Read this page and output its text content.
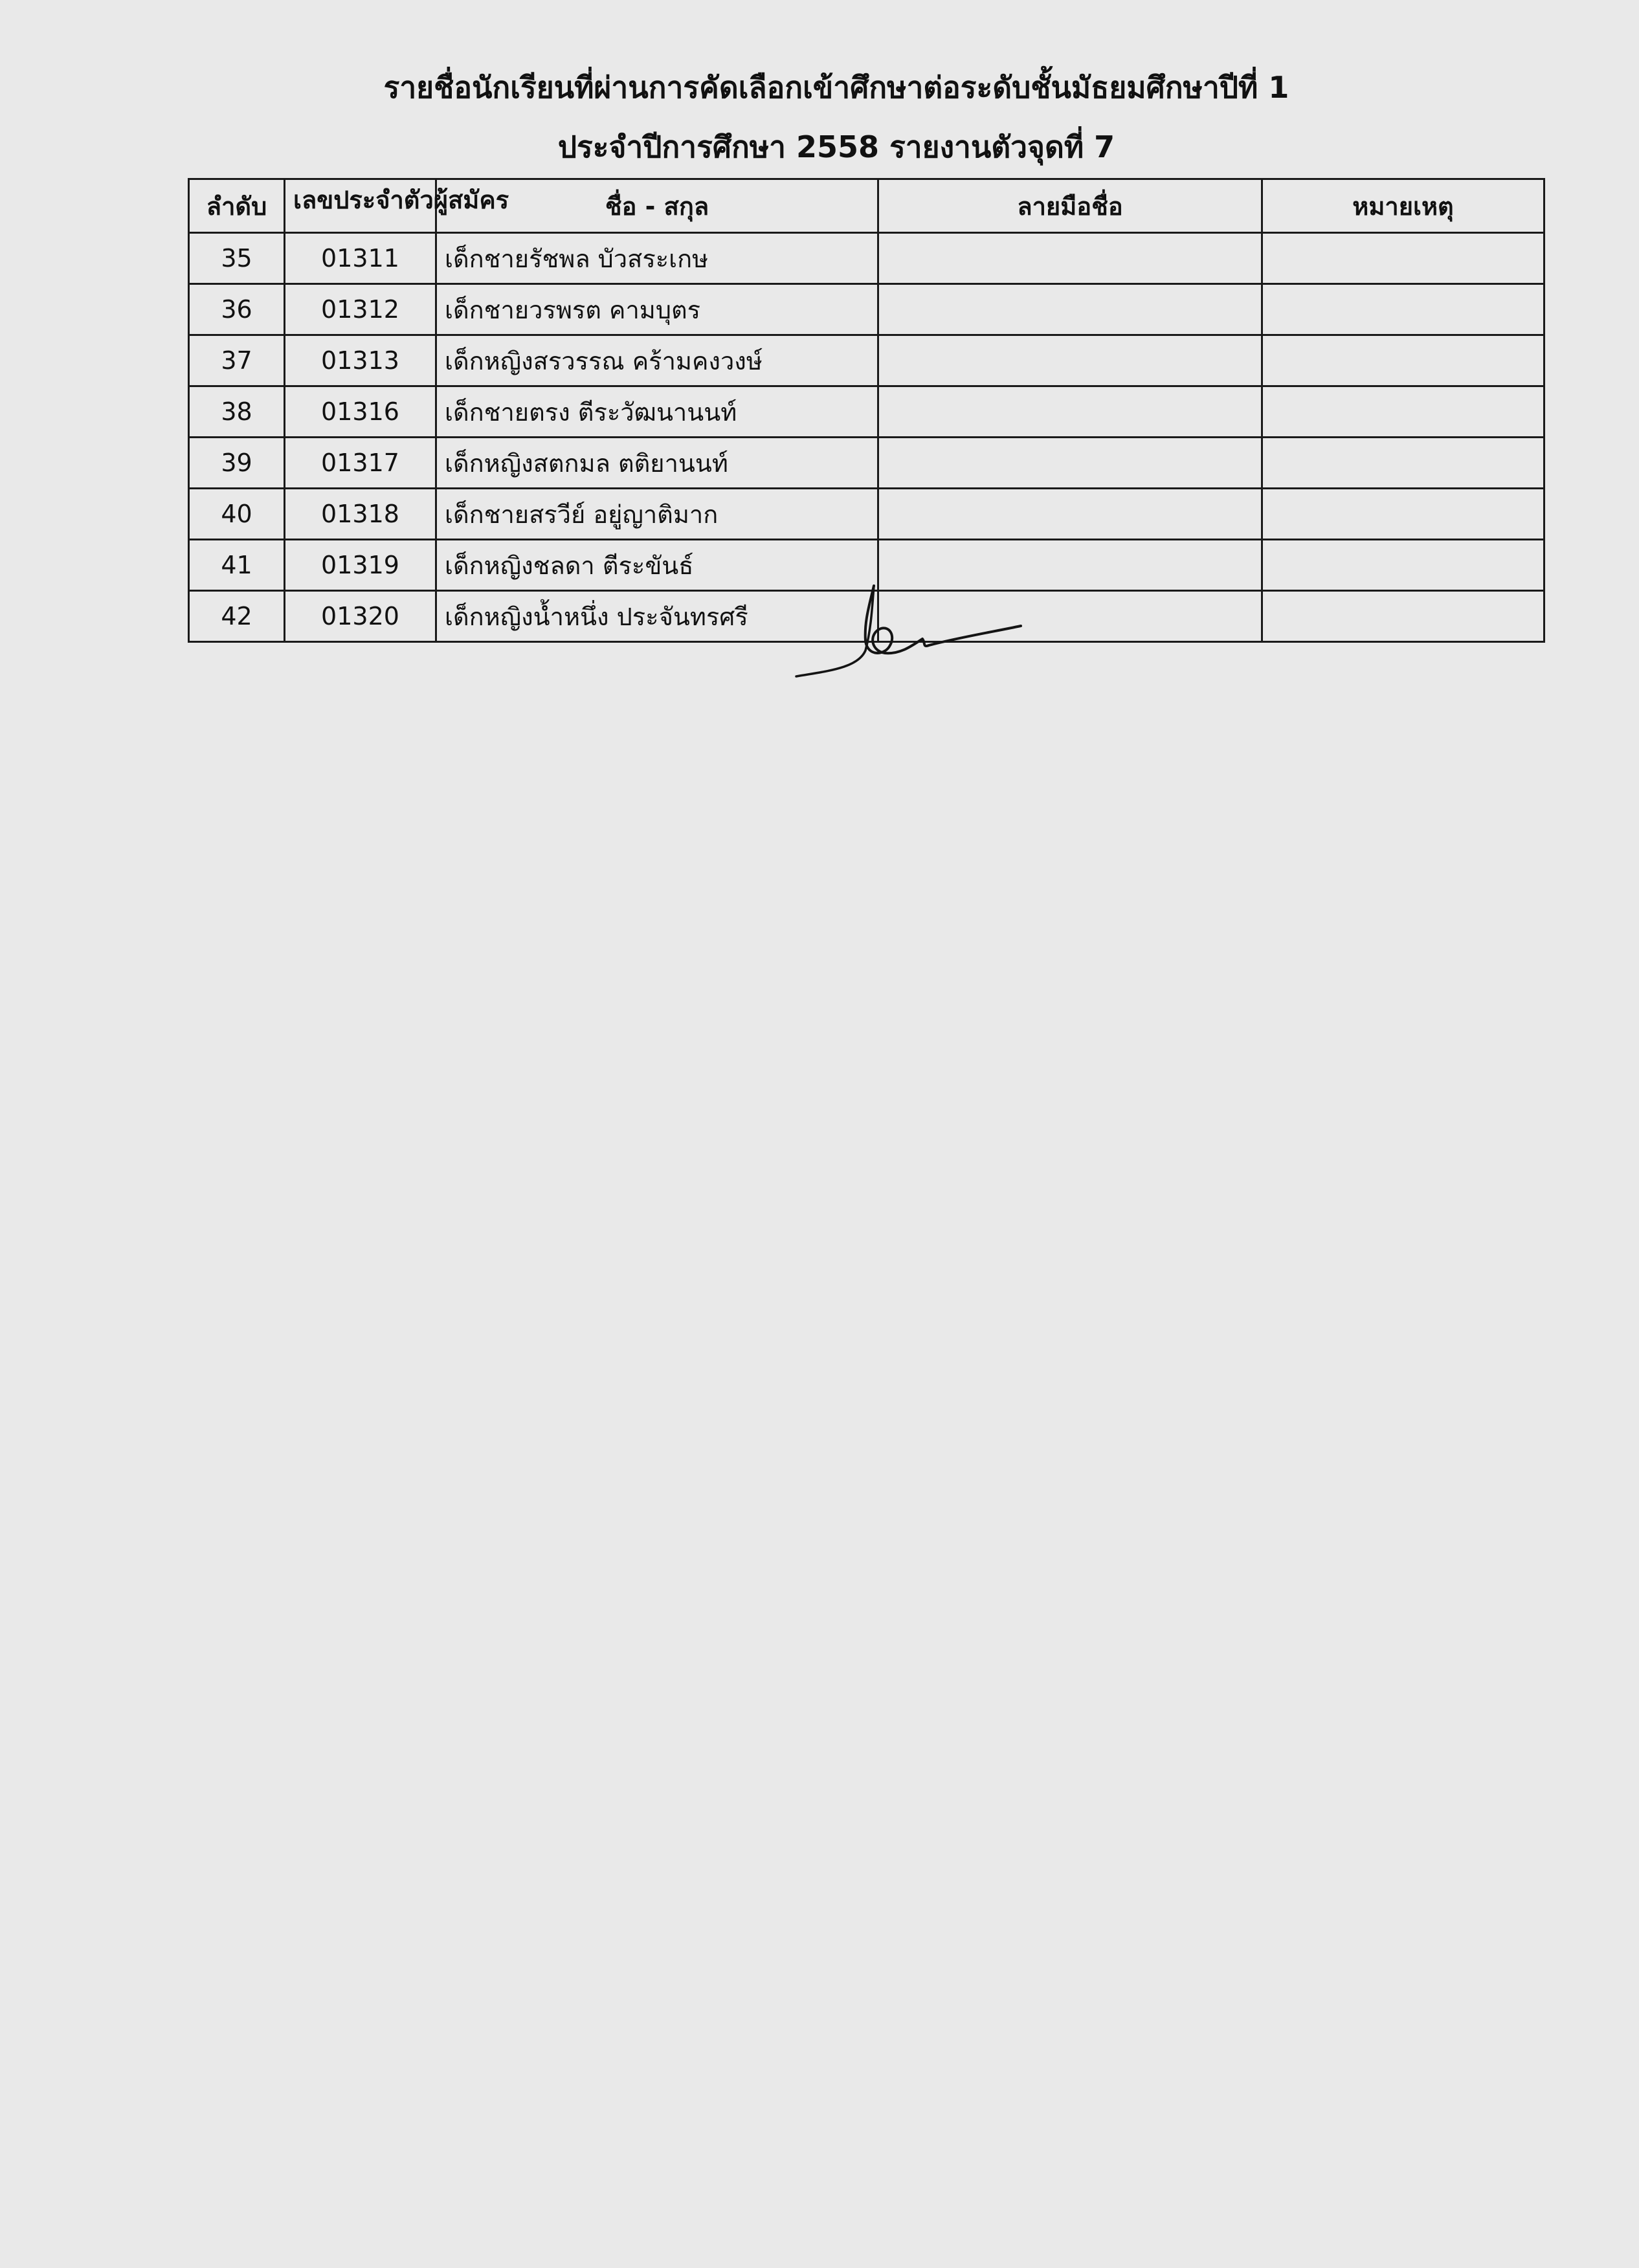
รายชื่อนักเรียนที่ผ่านการคัดเลือกเข้าศึกษาต่อระดับชั้นมัธยมศึกษาปีที่ 1
ประจำปีการศึกษา 2558 รายงานตัวจุดที่ 7
ลำดับ	เลขประจำตัวผู้สมัคร	ชื่อ - สกุล	ลายมือชื่อ	หมายเหตุ
35	01311	เด็กชายรัชพล บัวสระเกษ		
36	01312	เด็กชายวรพรต คามบุตร		
37	01313	เด็กหญิงสรวรรณ คร้ามคงวงษ์		
38	01316	เด็กชายตรง ตีระวัฒนานนท์		
39	01317	เด็กหญิงสตกมล ตติยานนท์		
40	01318	เด็กชายสรวีย์ อยู่ญาติมาก		
41	01319	เด็กหญิงชลดา ตีระขันธ์		
42	01320	เด็กหญิงน้ำหนึ่ง ประจันทรศรี		
